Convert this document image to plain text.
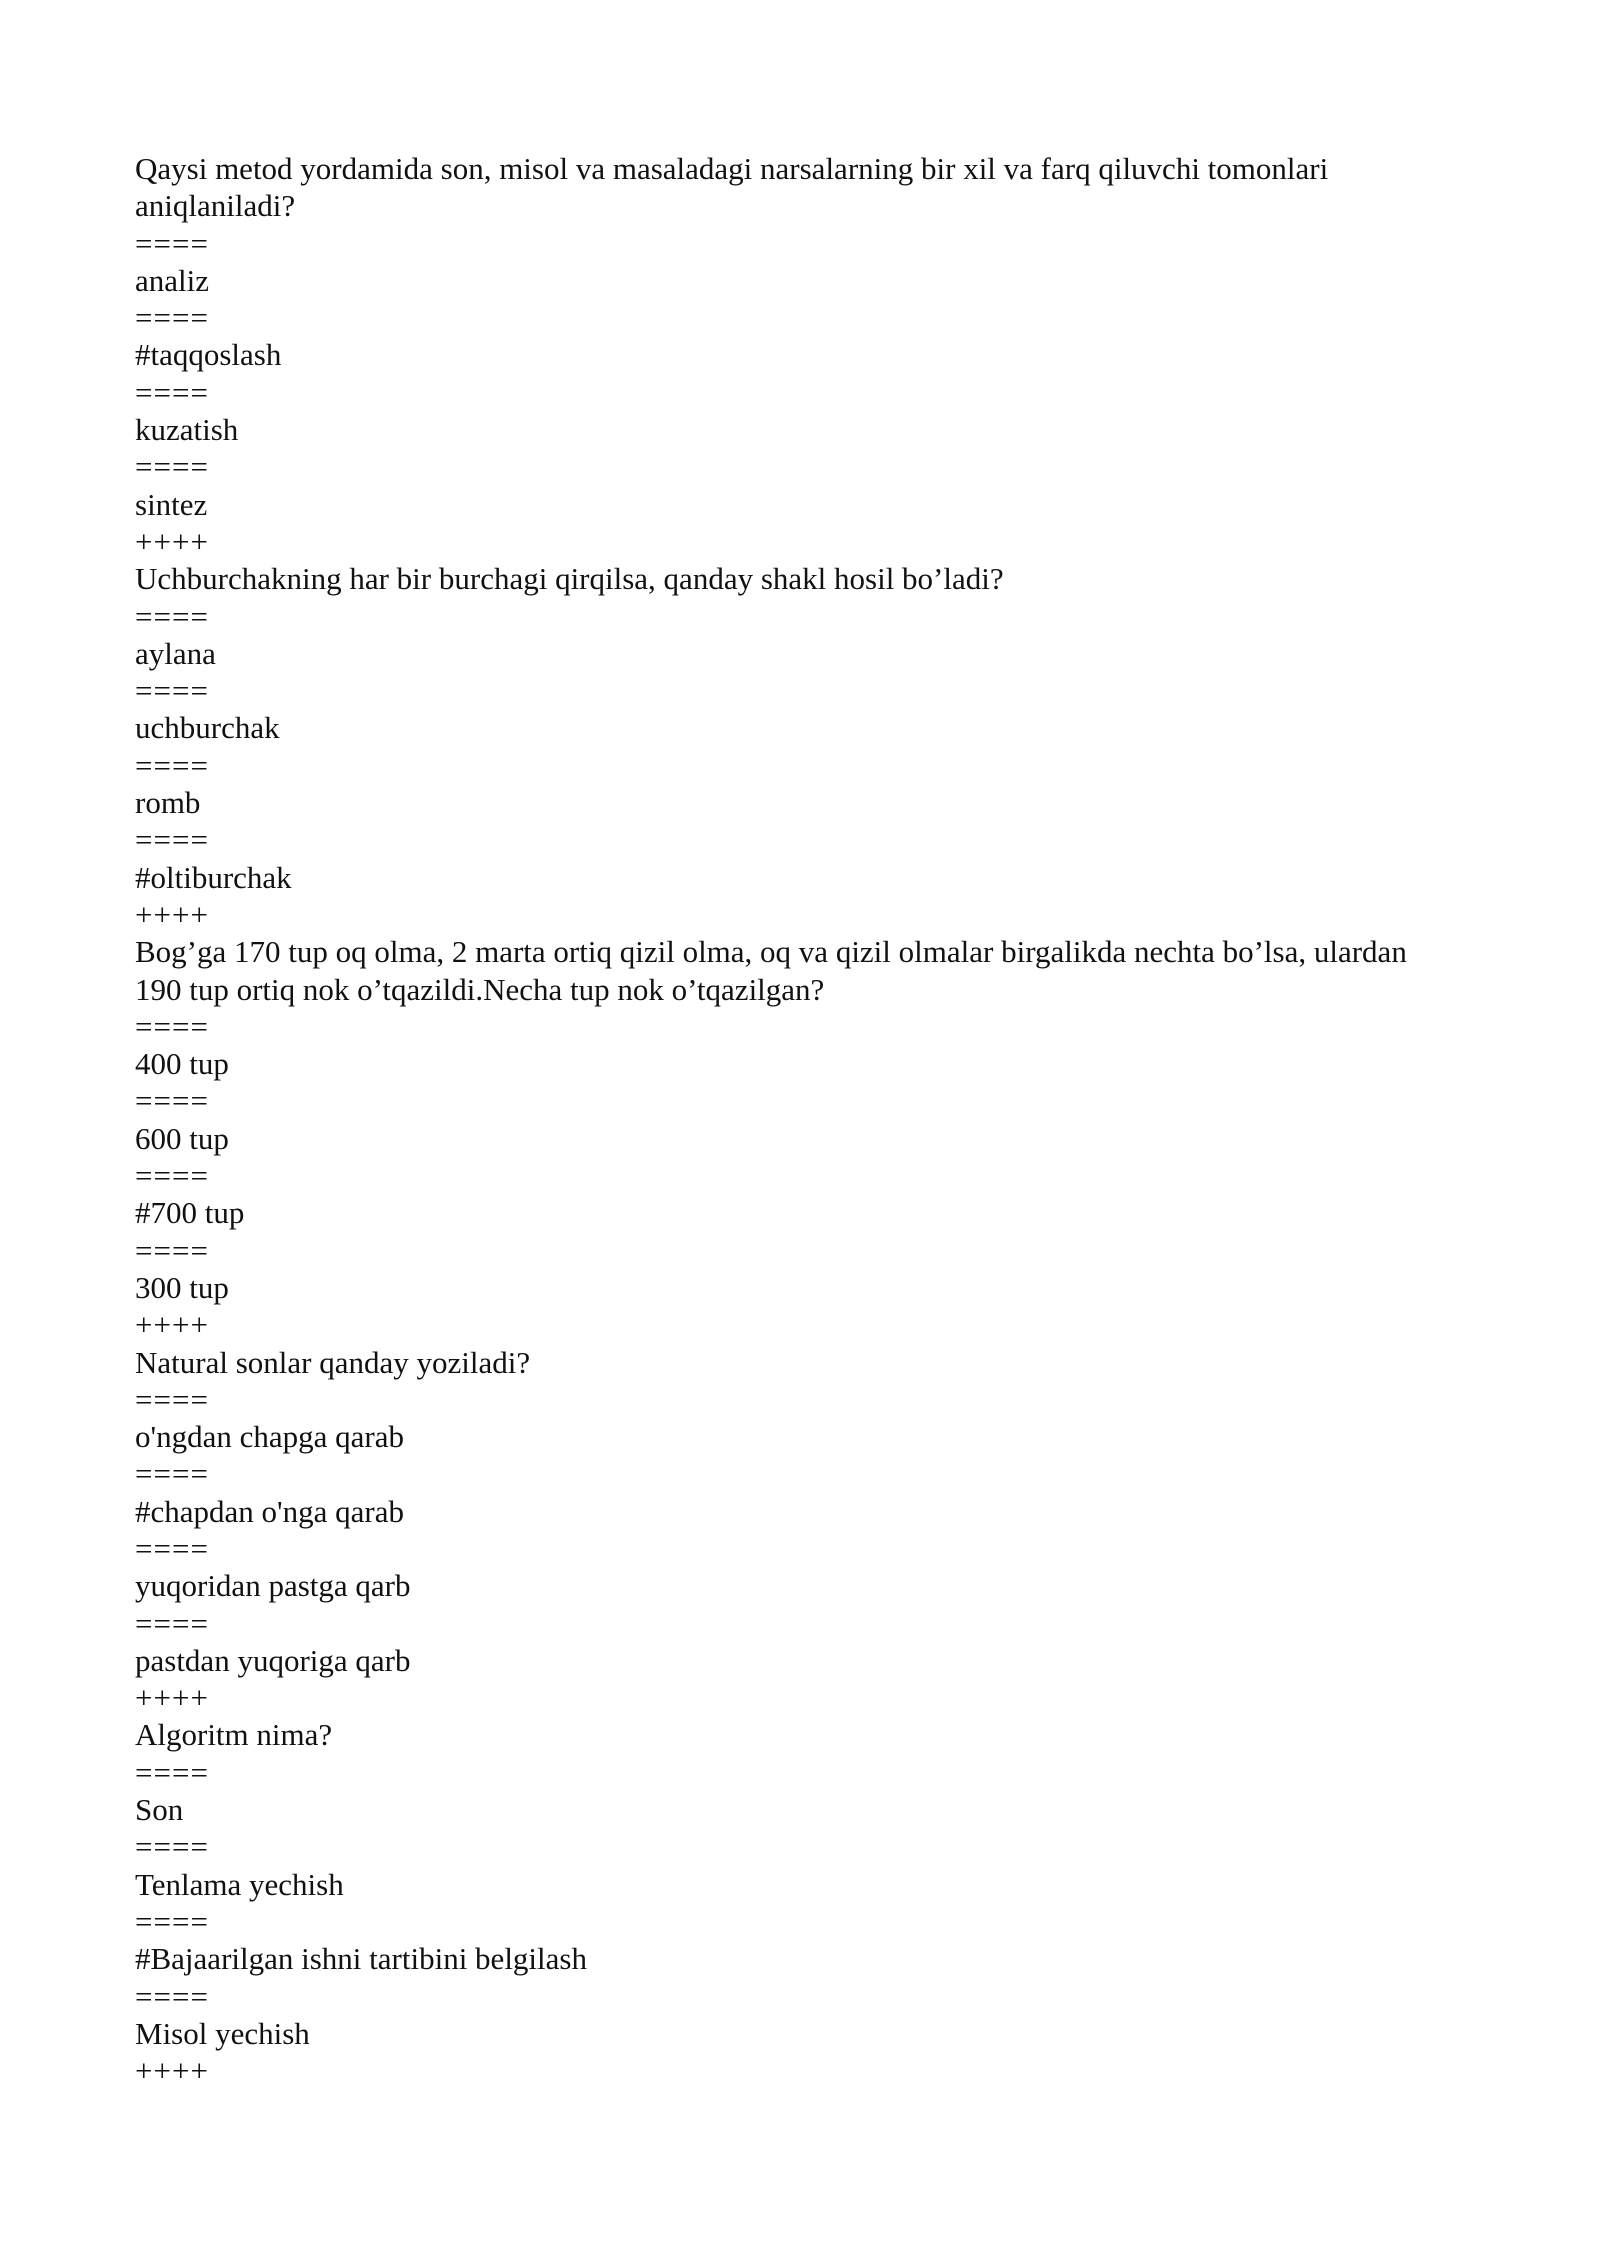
Qaysi metod yordamida son, misol va masaladagi narsalarning bir xil va farq qiluvchi tomonlari

aniqlaniladi?

====

analiz

====

#taqqoslash

====

kuzatish

====

sintez

++++

Uchburchakning har bir burchagi qirqilsa, qanday shakl hosil bo’ladi?

====

aylana

====

uchburchak

====

romb

====

#oltiburchak

++++

Bog’ga 170 tup oq olma, 2 marta ortiq qizil olma, oq va qizil olmalar birgalikda nechta bo’lsa, ulardan

190 tup ortiq nok o’tqazildi.Necha tup nok o’tqazilgan?

====

400 tup

====

600 tup

====

#700 tup

====

300 tup

++++

Natural sonlar qanday yoziladi?

====

o'ngdan chapga qarab

====

#chapdan o'nga qarab

====

yuqoridan pastga qarb

====

pastdan yuqoriga qarb

++++

Algoritm nima?

====

Son

====

Tenlama yechish

====

#Bajaarilgan ishni tartibini belgilash

====

Misol yechish

++++
